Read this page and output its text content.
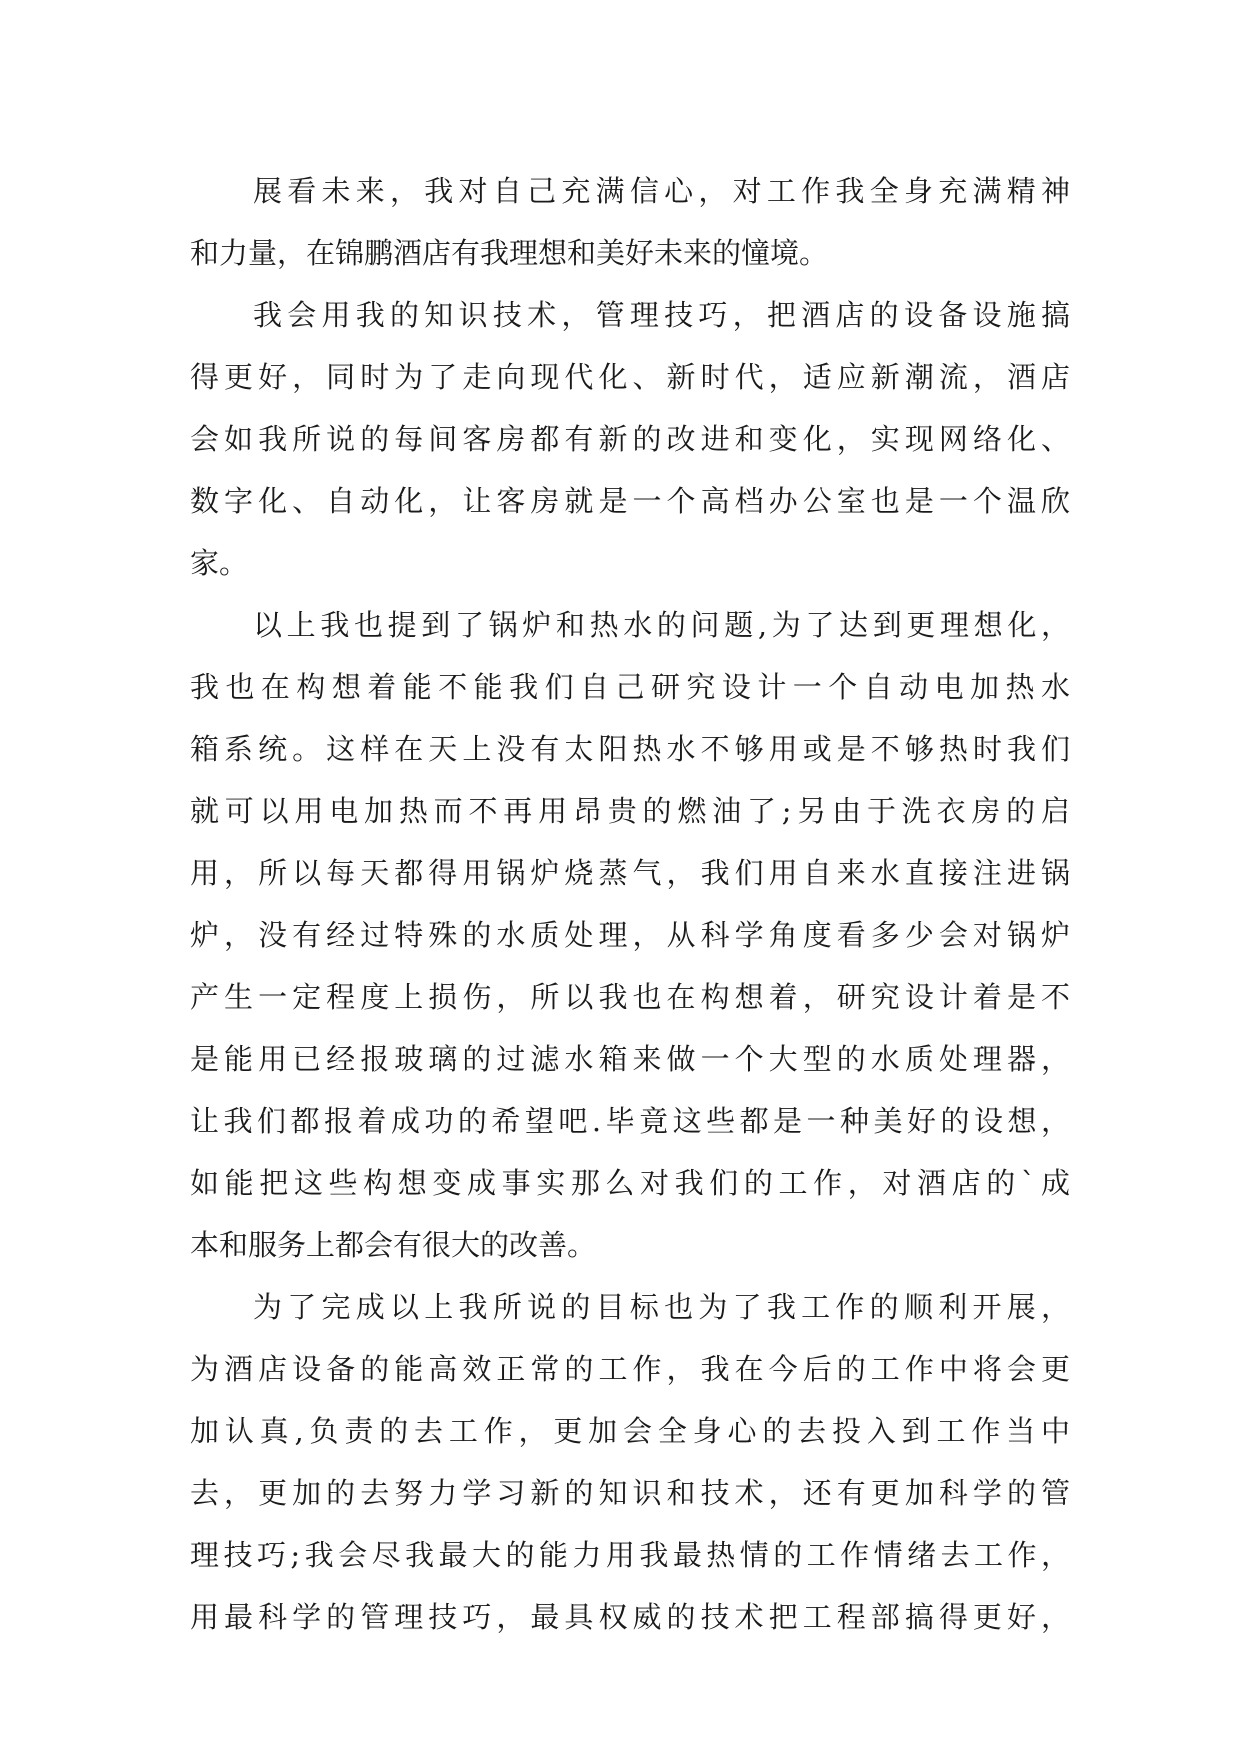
展看未来，我对自己充满信心，对工作我全身充满精神
和力量，在锦鹏酒店有我理想和美好未来的憧境。
我会用我的知识技术，管理技巧，把酒店的设备设施搞
得更好，同时为了走向现代化、新时代，适应新潮流，酒店
会如我所说的每间客房都有新的改进和变化，实现网络化、
数字化、自动化，让客房就是一个高档办公室也是一个温欣
家。
以上我也提到了锅炉和热水的问题,为了达到更理想化，
我也在构想着能不能我们自己研究设计一个自动电加热水
箱系统。这样在天上没有太阳热水不够用或是不够热时我们
就可以用电加热而不再用昂贵的燃油了;另由于洗衣房的启
用，所以每天都得用锅炉烧蒸气，我们用自来水直接注进锅
炉，没有经过特殊的水质处理，从科学角度看多少会对锅炉
产生一定程度上损伤，所以我也在构想着，研究设计着是不
是能用已经报玻璃的过滤水箱来做一个大型的水质处理器，
让我们都报着成功的希望吧.毕竟这些都是一种美好的设想，
如能把这些构想变成事实那么对我们的工作，对酒店的`成
本和服务上都会有很大的改善。
为了完成以上我所说的目标也为了我工作的顺利开展，
为酒店设备的能高效正常的工作，我在今后的工作中将会更
加认真,负责的去工作，更加会全身心的去投入到工作当中
去，更加的去努力学习新的知识和技术，还有更加科学的管
理技巧;我会尽我最大的能力用我最热情的工作情绪去工作，
用最科学的管理技巧，最具权威的技术把工程部搞得更好，
